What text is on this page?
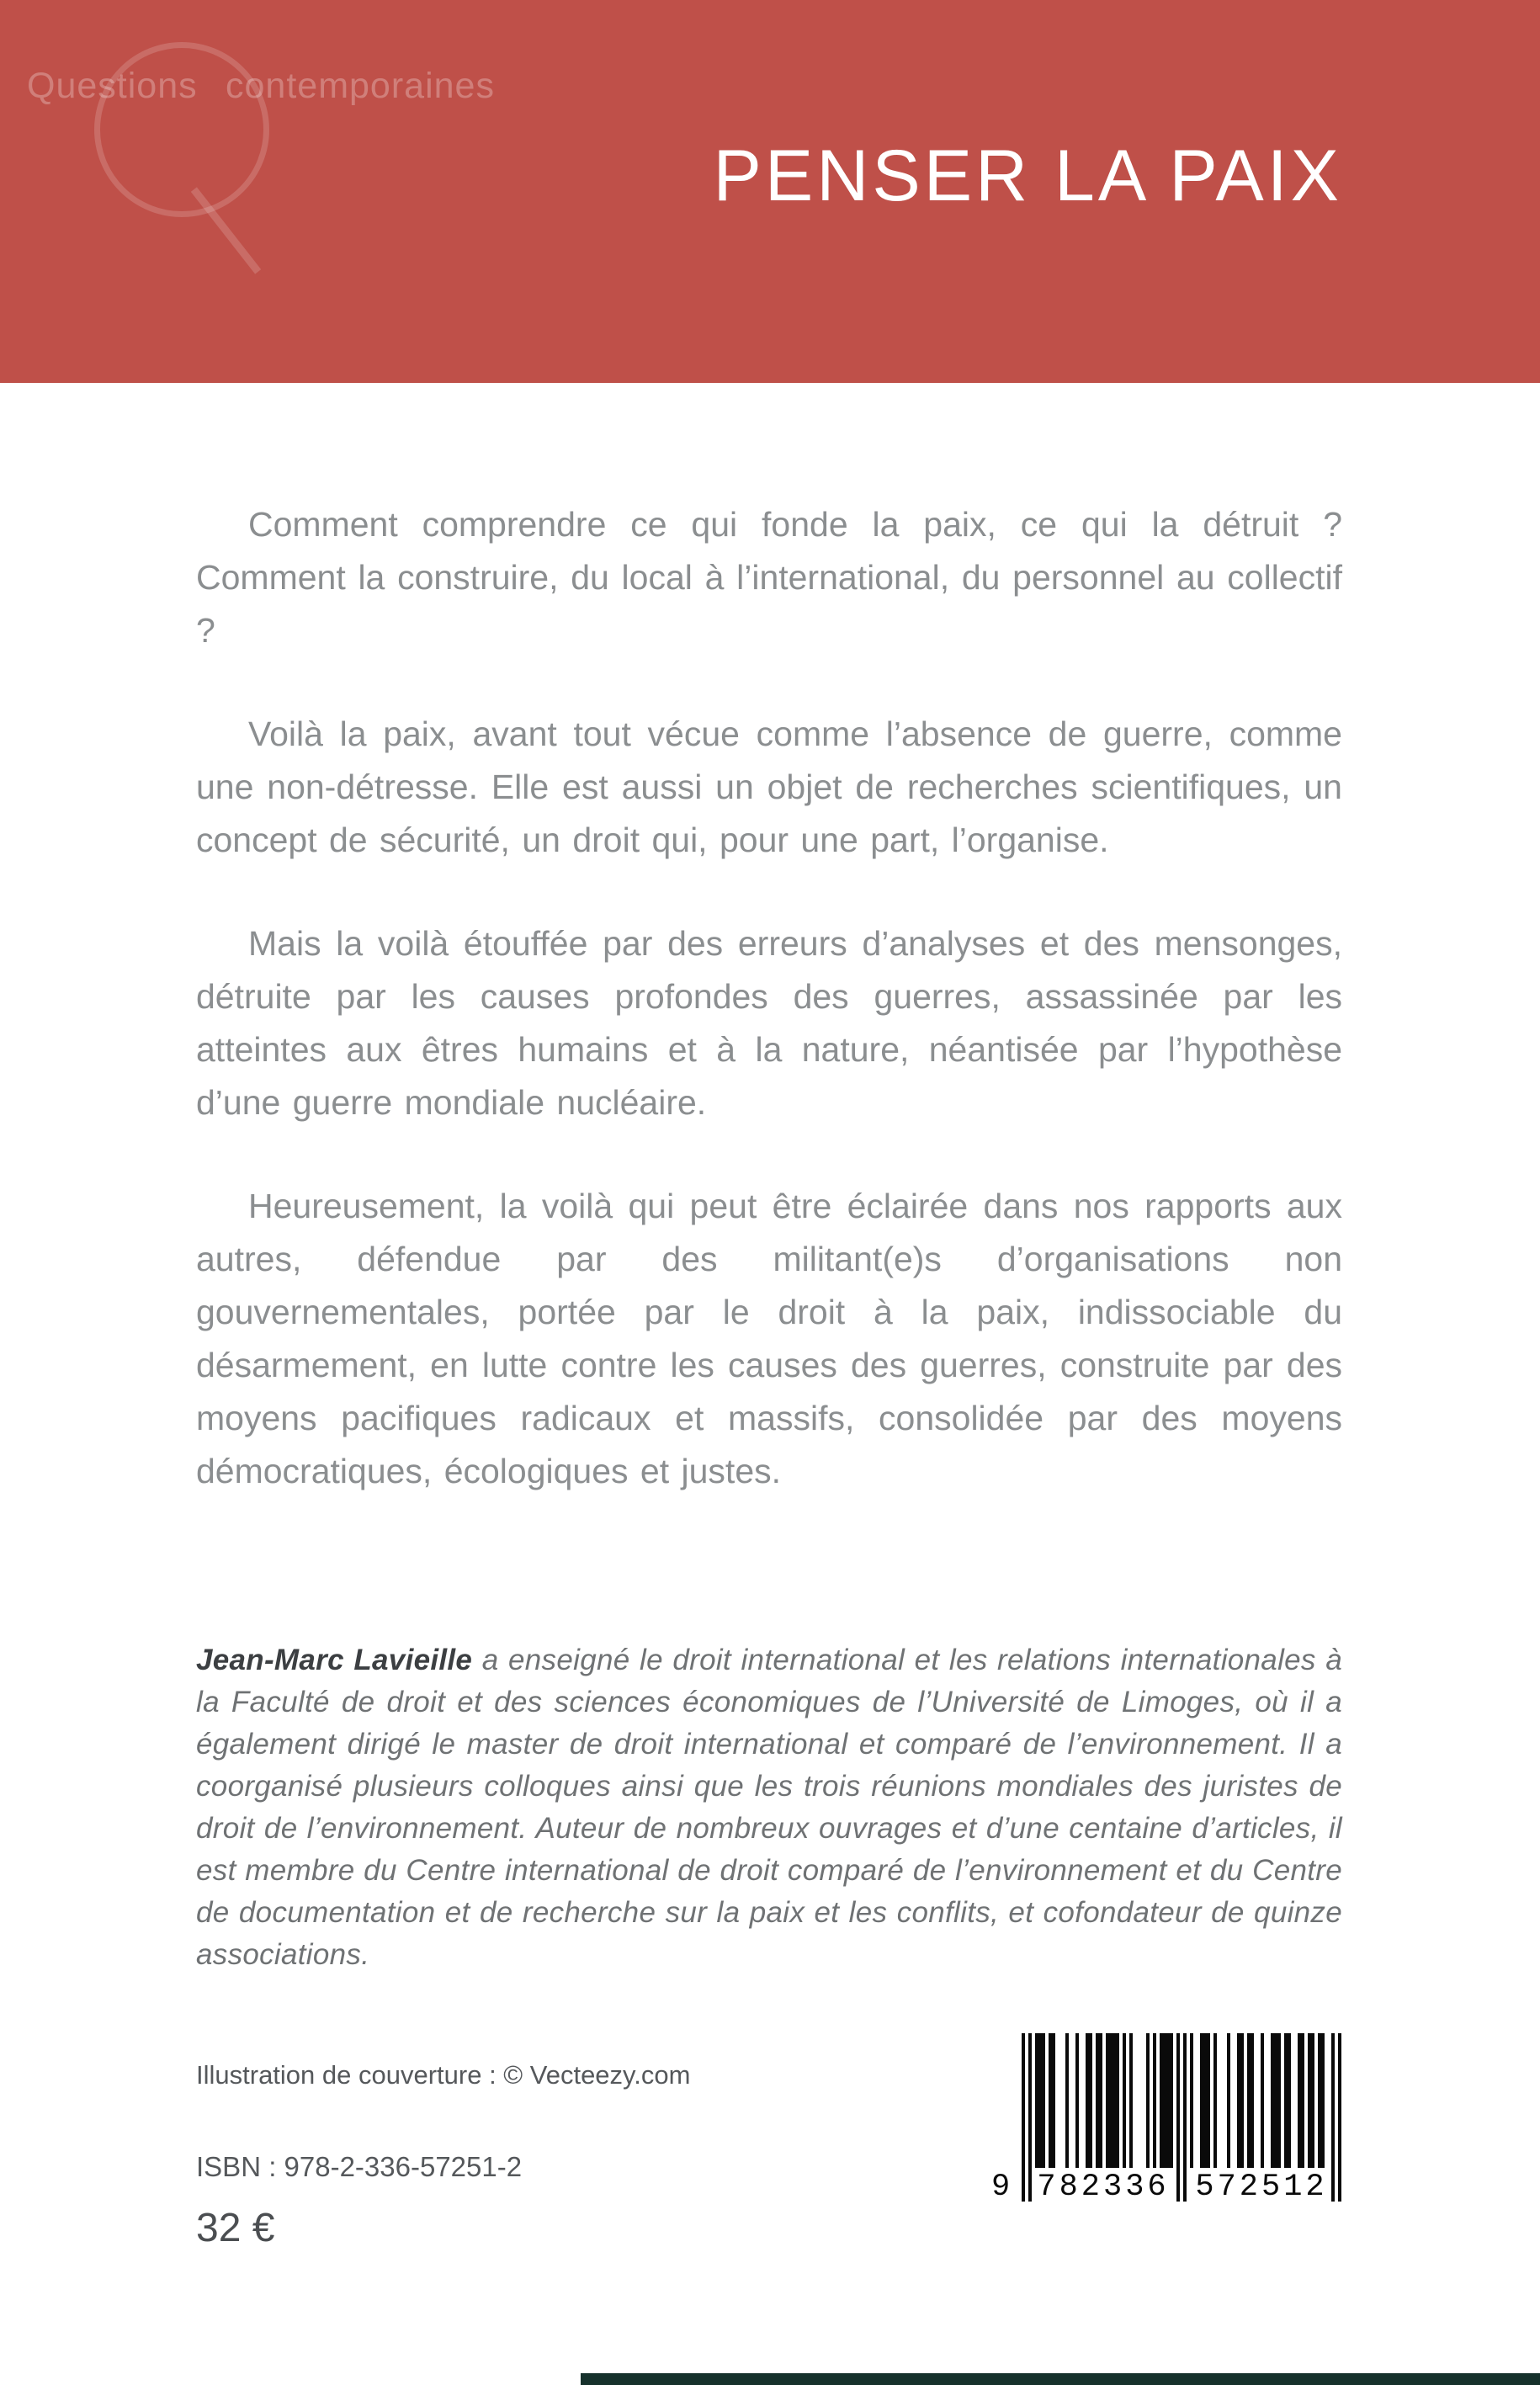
Questions contemporaines
PENSER LA PAIX

Comment comprendre ce qui fonde la paix, ce qui la détruit ? Comment la construire, du local à l’international, du personnel au collectif ?

Voilà la paix, avant tout vécue comme l’absence de guerre, comme une non-détresse. Elle est aussi un objet de recherches scientifiques, un concept de sécurité, un droit qui, pour une part, l’organise.

Mais la voilà étouffée par des erreurs d’analyses et des mensonges, détruite par les causes profondes des guerres, assassinée par les atteintes aux êtres humains et à la nature, néantisée par l’hypothèse d’une guerre mondiale nucléaire.

Heureusement, la voilà qui peut être éclairée dans nos rapports aux autres, défendue par des militant(e)s d’organisations non gouvernementales, portée par le droit à la paix, indissociable du désarmement, en lutte contre les causes des guerres, construite par des moyens pacifiques radicaux et massifs, consolidée par des moyens démocratiques, écologiques et justes.

Jean-Marc Lavieille a enseigné le droit international et les relations internationales à la Faculté de droit et des sciences économiques de l’Université de Limoges, où il a également dirigé le master de droit international et comparé de l’environnement. Il a coorganisé plusieurs colloques ainsi que les trois réunions mondiales des juristes de droit de l’environnement. Auteur de nombreux ouvrages et d’une centaine d’articles, il est membre du Centre international de droit comparé de l’environnement et du Centre de documentation et de recherche sur la paix et les conflits, et cofondateur de quinze associations.

Illustration de couverture : © Vecteezy.com
ISBN : 978-2-336-57251-2
32 €
9 782336 572512
